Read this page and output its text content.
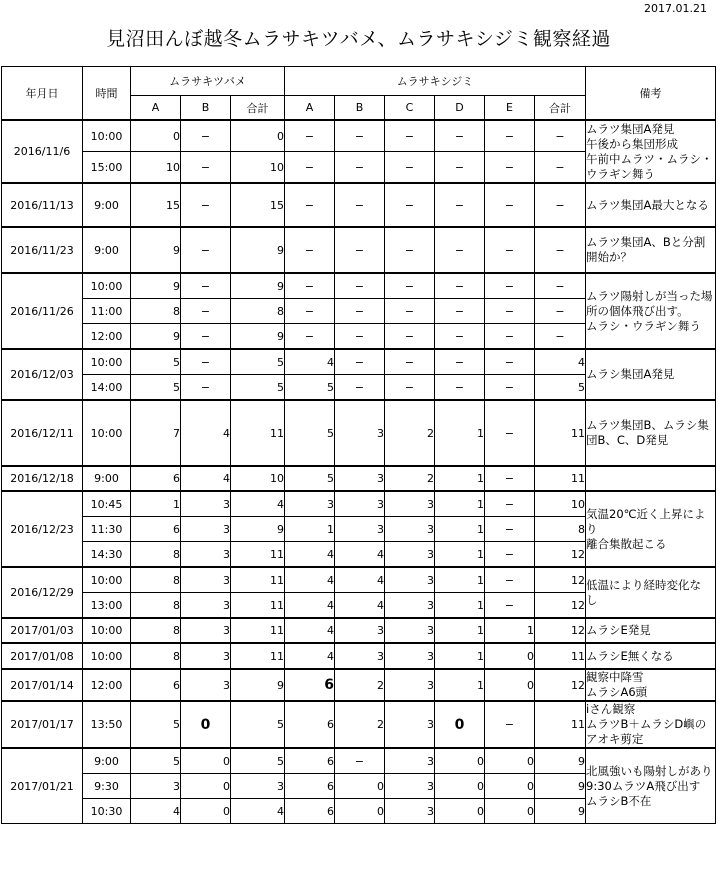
2017.01.21
見沼田んぼ越冬ムラサキツバメ、ムラサキシジミ観察経過
年月日	時間	ムラサキツバメ			ムラサキシジミ						備考
		A	B	合計	A	B	C	D	E	合計	
2016/11/6	10:00	0	−	0	−	−	−	−	−	−	ムラツ集団A発見
午後から集団形成
午前中ムラツ・ムラシ・
ウラギン舞う
	15:00	10	−	10	−	−	−	−	−	−	
2016/11/13	9:00	15	−	15	−	−	−	−	−	−	ムラツ集団A最大となる
2016/11/23	9:00	9	−	9	−	−	−	−	−	−	ムラツ集団A、Bと分割
開始か？
2016/11/26	10:00	9	−	9	−	−	−	−	−	−	ムラツ陽射しが当った場
所の個体飛び出す。
ムラシ・ウラギン舞う
	11:00	8	−	8	−	−	−	−	−	−	
	12:00	9	−	9	−	−	−	−	−	−	
2016/12/03	10:00	5	−	5	4	−	−	−	−	4	ムラシ集団A発見
	14:00	5	−	5	5	−	−	−	−	5	
2016/12/11	10:00	7	4	11	5	3	2	1	−	11	ムラツ集団B、ムラシ集
団B、C、D発見
2016/12/18	9:00	6	4	10	5	3	2	1	−	11	
2016/12/23	10:45	1	3	4	3	3	3	1	−	10	気温20℃近く上昇により
離合集散起こる
	11:30	6	3	9	1	3	3	1	−	8	
	14:30	8	3	11	4	4	3	1	−	12	
2016/12/29	10:00	8	3	11	4	4	3	1	−	12	低温により経時変化な
し
	13:00	8	3	11	4	4	3	1	−	12	
2017/01/03	10:00	8	3	11	4	3	3	1	1	12	ムラシE発見
2017/01/08	10:00	8	3	11	4	3	3	1	0	11	ムラシE無くなる
2017/01/14	12:00	6	3	9	6	2	3	1	0	12	観察中降雪
ムラシA6頭
2017/01/17	13:50	5	0	5	6	2	3	0	−	11	iさん観察
ムラツB＋ムラシD嶼の
アオキ剪定
2017/01/21	9:00	5	0	5	6	−	3	0	0	9	北風強いも陽射しがあり
9:30ムラツA飛び出す
ムラシB不在
	9:30	3	0	3	6	0	3	0	0	9	
	10:30	4	0	4	6	0	3	0	0	9	
